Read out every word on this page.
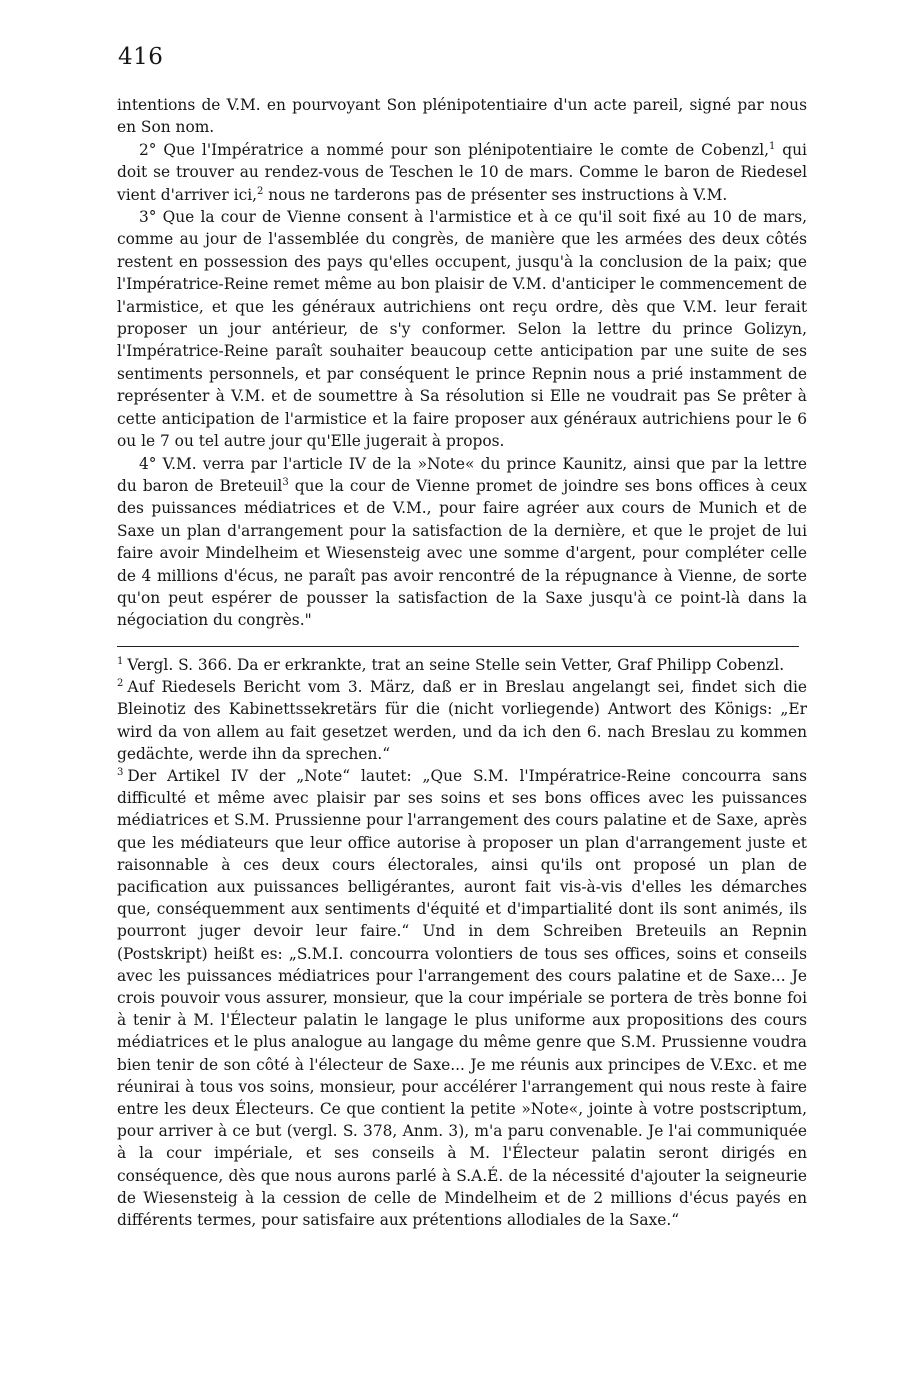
416

intentions de V.M. en pourvoyant Son plénipotentiaire d'un acte pareil, signé par nous en Son nom.

2° Que l'Impératrice a nommé pour son plénipotentiaire le comte de Cobenzl,$^1$ qui doit se trouver au rendez-vous de Teschen le 10 de mars. Comme le baron de Riedesel vient d'arriver ici,$^2$ nous ne tarderons pas de présenter ses instructions à V.M.

3° Que la cour de Vienne consent à l'armistice et à ce qu'il soit fixé au 10 de mars, comme au jour de l'assemblée du congrès, de manière que les armées des deux côtés restent en possession des pays qu'elles occupent, jusqu'à la conclusion de la paix; que l'Impératrice-Reine remet même au bon plaisir de V.M. d'anticiper le commencement de l'armistice, et que les généraux autrichiens ont reçu ordre, dès que V.M. leur ferait proposer un jour antérieur, de s'y conformer. Selon la lettre du prince Golizyn, l'Impératrice-Reine paraît souhaiter beaucoup cette anticipation par une suite de ses sentiments personnels, et par conséquent le prince Repnin nous a prié instamment de représenter à V.M. et de soumettre à Sa résolution si Elle ne voudrait pas Se prêter à cette anticipation de l'armistice et la faire proposer aux généraux autrichiens pour le 6 ou le 7 ou tel autre jour qu'Elle jugerait à propos.

4° V.M. verra par l'article IV de la »Note« du prince Kaunitz, ainsi que par la lettre du baron de Breteuil$^3$ que la cour de Vienne promet de joindre ses bons offices à ceux des puissances médiatrices et de V.M., pour faire agréer aux cours de Munich et de Saxe un plan d'arrangement pour la satisfaction de la dernière, et que le projet de lui faire avoir Mindelheim et Wiesensteig avec une somme d'argent, pour compléter celle de 4 millions d'écus, ne paraît pas avoir rencontré de la répugnance à Vienne, de sorte qu'on peut espérer de pousser la satisfaction de la Saxe jusqu'à ce point-là dans la négociation du congrès."

$^1$ Vergl. S. 366. Da er erkrankte, trat an seine Stelle sein Vetter, Graf Philipp Cobenzl.

$^2$ Auf Riedesels Bericht vom 3. März, daß er in Breslau angelangt sei, findet sich die Bleinotiz des Kabinettssekretärs für die (nicht vorliegende) Antwort des Königs: „Er wird da von allem au fait gesetzet werden, und da ich den 6. nach Breslau zu kommen gedächte, werde ihn da sprechen.“

$^3$ Der Artikel IV der „Note“ lautet: „Que S.M. l'Impératrice-Reine concourra sans difficulté et même avec plaisir par ses soins et ses bons offices avec les puissances médiatrices et S.M. Prussienne pour l'arrangement des cours palatine et de Saxe, après que les médiateurs que leur office autorise à proposer un plan d'arrangement juste et raisonnable à ces deux cours électorales, ainsi qu'ils ont proposé un plan de pacification aux puissances belligérantes, auront fait vis-à-vis d'elles les démarches que, conséquemment aux sentiments d'équité et d'impartialité dont ils sont animés, ils pourront juger devoir leur faire.“ Und in dem Schreiben Breteuils an Repnin (Postskript) heißt es: „S.M.I. concourra volontiers de tous ses offices, soins et conseils avec les puissances médiatrices pour l'arrangement des cours palatine et de Saxe... Je crois pouvoir vous assurer, monsieur, que la cour impériale se portera de très bonne foi à tenir à M. l'Électeur palatin le langage le plus uniforme aux propositions des cours médiatrices et le plus analogue au langage du même genre que S.M. Prussienne voudra bien tenir de son côté à l'électeur de Saxe... Je me réunis aux principes de V.Exc. et me réunirai à tous vos soins, monsieur, pour accélérer l'arrangement qui nous reste à faire entre les deux Électeurs. Ce que contient la petite »Note«, jointe à votre postscriptum, pour arriver à ce but (vergl. S. 378, Anm. 3), m'a paru convenable. Je l'ai communiquée à la cour impériale, et ses conseils à M. l'Électeur palatin seront dirigés en conséquence, dès que nous aurons parlé à S.A.É. de la nécessité d'ajouter la seigneurie de Wiesensteig à la cession de celle de Mindelheim et de 2 millions d'écus payés en différents termes, pour satisfaire aux prétentions allodiales de la Saxe.“
